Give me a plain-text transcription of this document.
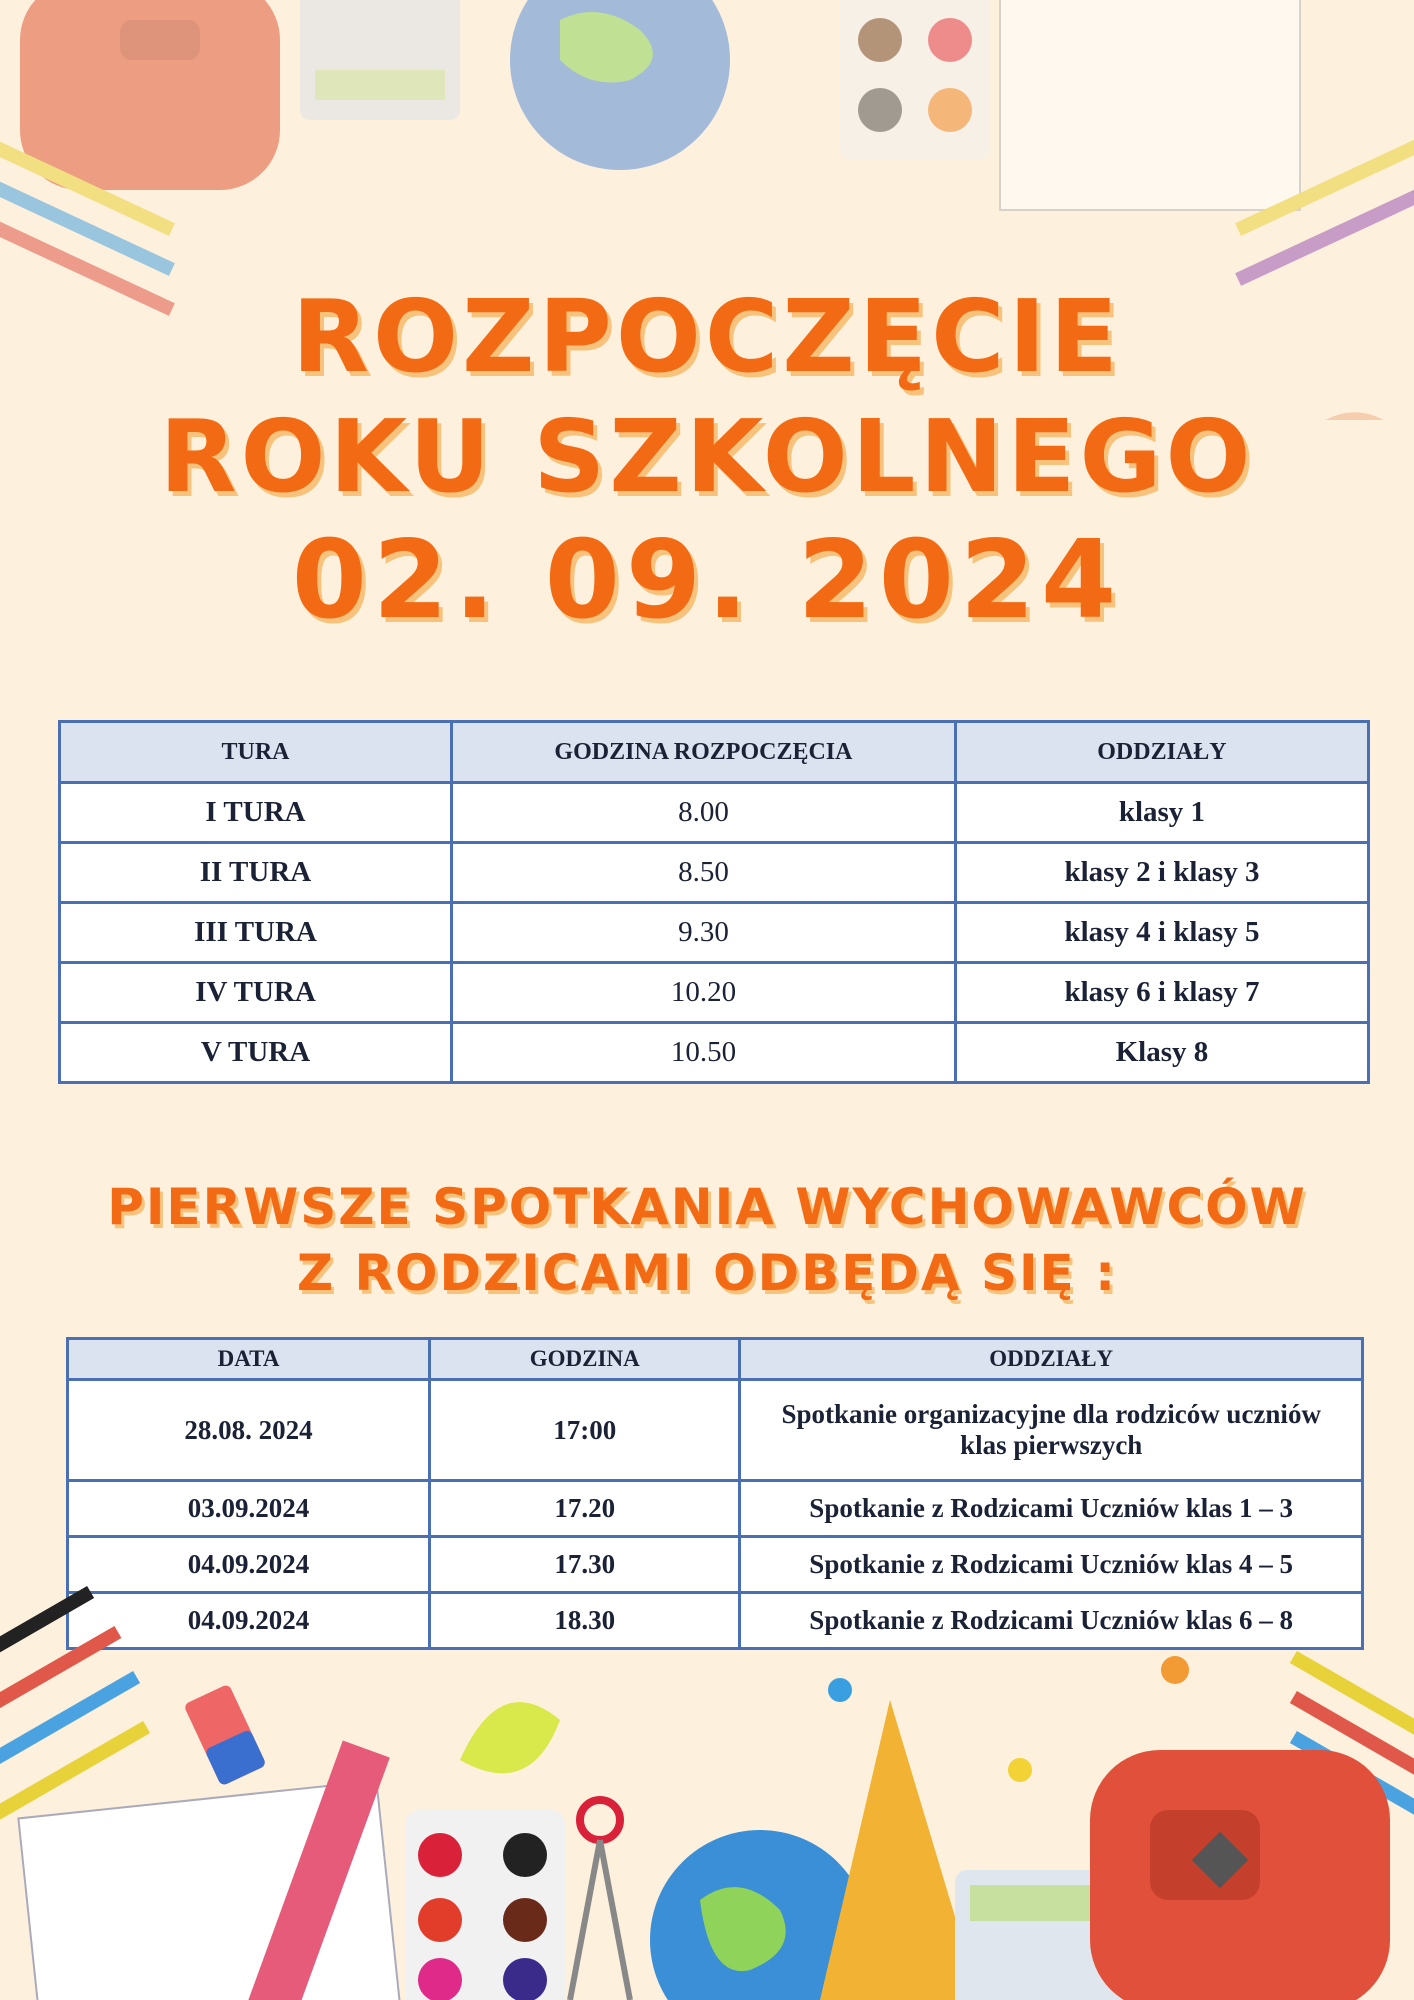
ROZPOCZĘCIE
ROKU SZKOLNEGO
02. 09. 2024
TURA	GODZINA ROZPOCZĘCIA	ODDZIAŁY
I TURA	8.00	klasy 1
II TURA	8.50	klasy 2 i klasy 3
III TURA	9.30	klasy 4 i klasy 5
IV TURA	10.20	klasy 6 i klasy 7
V TURA	10.50	Klasy 8
PIERWSZE SPOTKANIA WYCHOWAWCÓW
Z RODZICAMI ODBĘDĄ SIĘ :
DATA	GODZINA	ODDZIAŁY
28.08. 2024	17:00	Spotkanie organizacyjne dla rodziców uczniów klas pierwszych
03.09.2024	17.20	Spotkanie z Rodzicami Uczniów klas 1 – 3
04.09.2024	17.30	Spotkanie z Rodzicami Uczniów klas 4 – 5
04.09.2024	18.30	Spotkanie z Rodzicami Uczniów klas 6 – 8
